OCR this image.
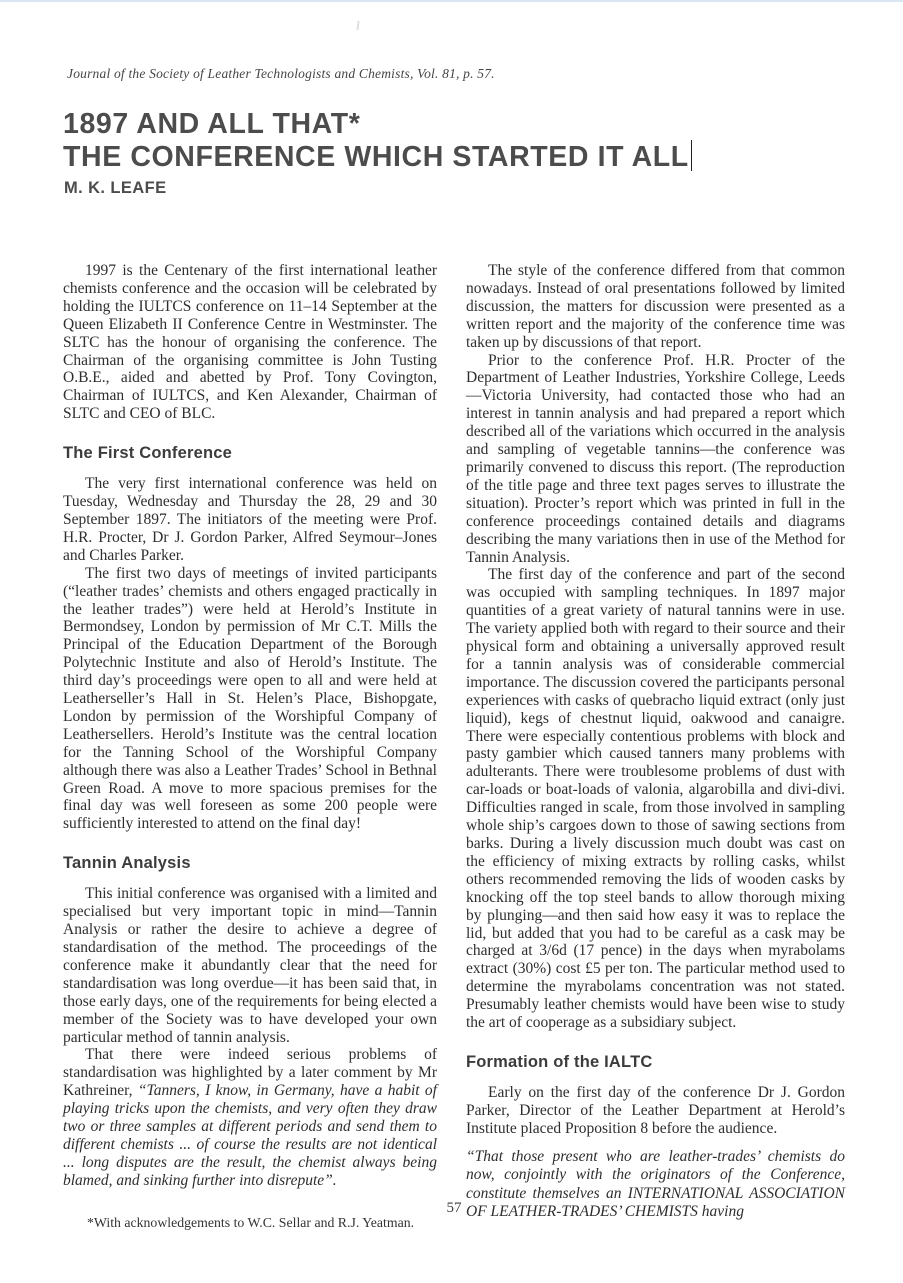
Journal of the Society of Leather Technologists and Chemists, Vol. 81, p. 57.
1897 AND ALL THAT*
THE CONFERENCE WHICH STARTED IT ALL
M. K. LEAFE

1997 is the Centenary of the first international leather chemists conference and the occasion will be celebrated by holding the IULTCS conference on 11–14 September at the Queen Elizabeth II Conference Centre in Westminster. The SLTC has the honour of organising the conference. The Chairman of the organising committee is John Tusting O.B.E., aided and abetted by Prof. Tony Covington, Chairman of IULTCS, and Ken Alexander, Chairman of SLTC and CEO of BLC.

The First Conference

The very first international conference was held on Tuesday, Wednesday and Thursday the 28, 29 and 30 September 1897. The initiators of the meeting were Prof. H.R. Procter, Dr J. Gordon Parker, Alfred Seymour–Jones and Charles Parker.

The first two days of meetings of invited participants (“leather trades’ chemists and others engaged practically in the leather trades”) were held at Herold’s Institute in Bermondsey, London by permission of Mr C.T. Mills the Principal of the Education Department of the Borough Polytechnic Institute and also of Herold’s Institute. The third day’s proceedings were open to all and were held at Leatherseller’s Hall in St. Helen’s Place, Bishopgate, London by permission of the Worshipful Company of Leathersellers. Herold’s Institute was the central location for the Tanning School of the Worshipful Company although there was also a Leather Trades’ School in Bethnal Green Road. A move to more spacious premises for the final day was well foreseen as some 200 people were sufficiently interested to attend on the final day!

Tannin Analysis

This initial conference was organised with a limited and specialised but very important topic in mind—Tannin Analysis or rather the desire to achieve a degree of standardisation of the method. The proceedings of the conference make it abundantly clear that the need for standardisation was long overdue—it has been said that, in those early days, one of the requirements for being elected a member of the Society was to have developed your own particular method of tannin analysis.

That there were indeed serious problems of standardisation was highlighted by a later comment by Mr Kathreiner, “Tanners, I know, in Germany, have a habit of playing tricks upon the chemists, and very often they draw two or three samples at different periods and send them to different chemists ... of course the results are not identical ... long disputes are the result, the chemist always being blamed, and sinking further into disrepute”.

*With acknowledgements to W.C. Sellar and R.J. Yeatman.

The style of the conference differed from that common nowadays. Instead of oral presentations followed by limited discussion, the matters for discussion were presented as a written report and the majority of the conference time was taken up by discussions of that report.

Prior to the conference Prof. H.R. Procter of the Department of Leather Industries, Yorkshire College, Leeds—Victoria University, had contacted those who had an interest in tannin analysis and had prepared a report which described all of the variations which occurred in the analysis and sampling of vegetable tannins—the conference was primarily convened to discuss this report. (The reproduction of the title page and three text pages serves to illustrate the situation). Procter’s report which was printed in full in the conference proceedings contained details and diagrams describing the many variations then in use of the Method for Tannin Analysis.

The first day of the conference and part of the second was occupied with sampling techniques. In 1897 major quantities of a great variety of natural tannins were in use. The variety applied both with regard to their source and their physical form and obtaining a universally approved result for a tannin analysis was of considerable commercial importance. The discussion covered the participants personal experiences with casks of quebracho liquid extract (only just liquid), kegs of chestnut liquid, oakwood and canaigre. There were especially contentious problems with block and pasty gambier which caused tanners many problems with adulterants. There were troublesome problems of dust with car-loads or boat-loads of valonia, algarobilla and divi-divi. Difficulties ranged in scale, from those involved in sampling whole ship’s cargoes down to those of sawing sections from barks. During a lively discussion much doubt was cast on the efficiency of mixing extracts by rolling casks, whilst others recommended removing the lids of wooden casks by knocking off the top steel bands to allow thorough mixing by plunging—and then said how easy it was to replace the lid, but added that you had to be careful as a cask may be charged at 3/6d (17 pence) in the days when myrabolams extract (30%) cost £5 per ton. The particular method used to determine the myrabolams concentration was not stated. Presumably leather chemists would have been wise to study the art of cooperage as a subsidiary subject.

Formation of the IALTC

Early on the first day of the conference Dr J. Gordon Parker, Director of the Leather Department at Herold’s Institute placed Proposition 8 before the audience.

“That those present who are leather-trades’ chemists do now, conjointly with the originators of the Conference, constitute themselves an INTERNATIONAL ASSOCIATION OF LEATHER-TRADES’ CHEMISTS having

57
